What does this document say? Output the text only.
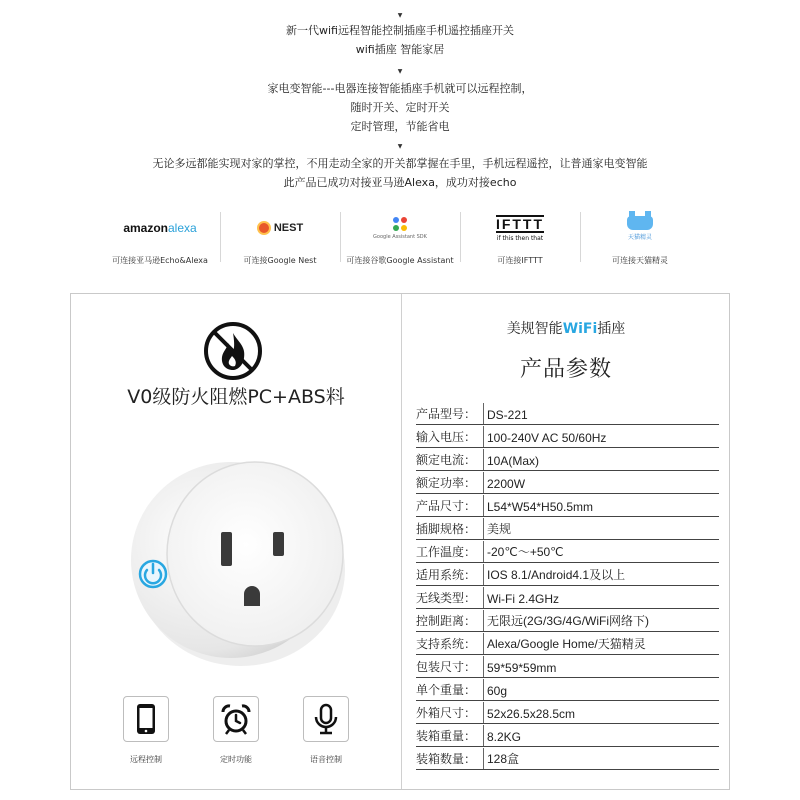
▼
新一代wifi远程智能控制插座手机遥控插座开关
wifi插座 智能家居
▼
家电变智能---电器连接智能插座手机就可以远程控制，
随时开关、定时开关
定时管理，节能省电
▼
无论多远都能实现对家的掌控，不用走动全家的开关都掌握在手里，手机远程遥控，让普通家电变智能
此产品已成功对接亚马逊Alexa，成功对接echo
amazon alexa
可连接亚马逊Echo&Alexa
NEST
可连接Google Nest
Google Assistant SDK
可连接谷歌Google Assistant
IFTTT
if this then that
可连接IFTTT
天猫精灵
可连接天猫精灵
V0级防火阻燃PC+ABS料
远程控制	定时功能	语音控制
美规智能WiFi插座
产品参数
产品型号： DS-221
输入电压： 100-240V AC 50/60Hz
额定电流： 10A(Max)
额定功率： 2200W
产品尺寸： L54*W54*H50.5mm
插脚规格： 美规
工作温度： -20℃～+50℃
适用系统： IOS 8.1/Android4.1及以上
无线类型： Wi-Fi 2.4GHz
控制距离： 无限远(2G/3G/4G/WiFi网络下)
支持系统： Alexa/Google Home/天猫精灵
包装尺寸： 59*59*59mm
单个重量： 60g
外箱尺寸： 52x26.5x28.5cm
装箱重量： 8.2KG
装箱数量： 128盒
